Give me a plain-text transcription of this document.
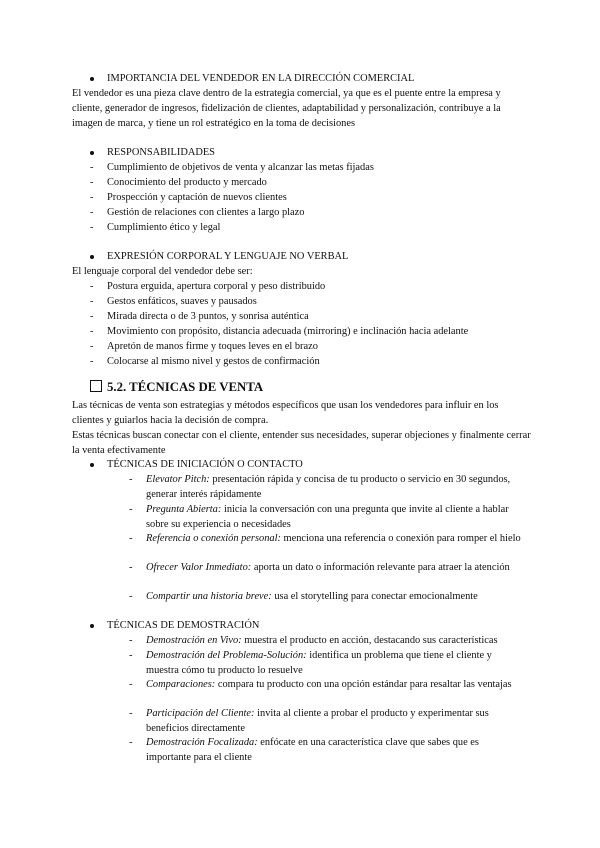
IMPORTANCIA DEL VENDEDOR EN LA DIRECCIÓN COMERCIAL
El vendedor es una pieza clave dentro de la estrategia comercial, ya que es el puente entre la empresa y cliente, generador de ingresos, fidelización de clientes, adaptabilidad y personalización, contribuye a la imagen de marca, y tiene un rol estratégico en la toma de decisiones
RESPONSABILIDADES
- Cumplimiento de objetivos de venta y alcanzar las metas fijadas
- Conocimiento del producto y mercado
- Prospección y captación de nuevos clientes
- Gestión de relaciones con clientes a largo plazo
- Cumplimiento ético y legal
EXPRESIÓN CORPORAL Y LENGUAJE NO VERBAL
El lenguaje corporal del vendedor debe ser:
- Postura erguida, apertura corporal y peso distribuido
- Gestos enfáticos, suaves y pausados
- Mirada directa o de 3 puntos, y sonrisa auténtica
- Movimiento con propósito, distancia adecuada (mirroring) e inclinación hacia adelante
- Apretón de manos firme y toques leves en el brazo
- Colocarse al mismo nivel y gestos de confirmación
5.2. TÉCNICAS DE VENTA
Las técnicas de venta son estrategias y métodos específicos que usan los vendedores para influir en los clientes y guiarlos hacia la decisión de compra.
Estas técnicas buscan conectar con el cliente, entender sus necesidades, superar objeciones y finalmente cerrar la venta efectivamente
TÉCNICAS DE INICIACIÓN O CONTACTO
- Elevator Pitch: presentación rápida y concisa de tu producto o servicio en 30 segundos, generar interés rápidamente
- Pregunta Abierta: inicia la conversación con una pregunta que invite al cliente a hablar sobre su experiencia o necesidades
- Referencia o conexión personal: menciona una referencia o conexión para romper el hielo
- Ofrecer Valor Inmediato: aporta un dato o información relevante para atraer la atención
- Compartir una historia breve: usa el storytelling para conectar emocionalmente
TÉCNICAS DE DEMOSTRACIÓN
- Demostración en Vivo: muestra el producto en acción, destacando sus características
- Demostración del Problema-Solución: identifica un problema que tiene el cliente y muestra cómo tu producto lo resuelve
- Comparaciones: compara tu producto con una opción estándar para resaltar las ventajas
- Participación del Cliente: invita al cliente a probar el producto y experimentar sus beneficios directamente
- Demostración Focalizada: enfócate en una característica clave que sabes que es importante para el cliente
